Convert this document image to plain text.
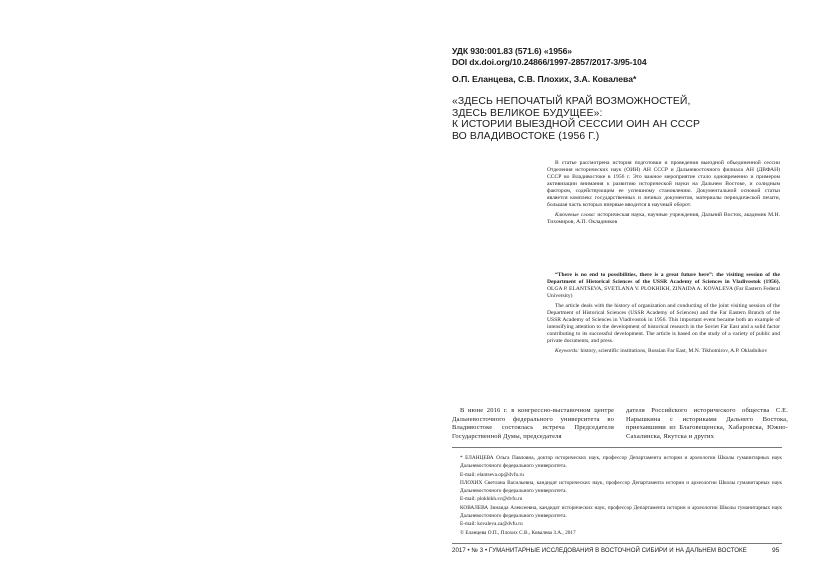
УДК 930:001.83 (571.6) «1956»
DOI dx.doi.org/10.24866/1997-2857/2017-3/95-104
О.П. Еланцева, С.В. Плохих, З.А. Ковалева*
«ЗДЕСЬ НЕПОЧАТЫЙ КРАЙ ВОЗМОЖНОСТЕЙ,
ЗДЕСЬ ВЕЛИКОЕ БУДУЩЕЕ»:
К ИСТОРИИ ВЫЕЗДНОЙ СЕССИИ ОИН АН СССР
ВО ВЛАДИВОСТОКЕ (1956 Г.)

В статье рассмотрена история подготовки и проведения выездной объединенной сессии Отделения исторических наук (ОИН) АН СССР и Дальневосточного филиала АН (ДВФАН) СССР во Владивостоке в 1956 г. Это важное мероприятие стало одновременно и примером активизации внимания к развитию исторической науки на Дальнем Востоке, и солидным фактором, содействующим ее успешному становлению. Документальной основой статьи является комплекс государственных и личных документов, материалы периодической печати, большая часть которых впервые вводится в научный оборот.

Ключевые слова: историческая наука, научные учреждения, Дальний Восток, академик М.Н. Тихомиров, А.П. Окладников

“There is no end to possibilities, there is a great future here”: the visiting session of the Department of Historical Sciences of the USSR Academy of Sciences in Vladivostok (1956). OLGA P. ELANTSEVA, SVETLANA V. PLOKHIKH, ZINAIDA A. KOVALEVA (Far Eastern Federal University)

The article deals with the history of organization and conducting of the joint visiting session of the Department of Historical Sciences (USSR Academy of Sciences) and the Far Eastern Branch of the USSR Academy of Sciences in Vladivostok in 1956. This important event became both an example of intensifying attention to the development of historical research in the Soviet Far East and a solid factor contributing to its successful development. The article is based on the study of a variety of public and private documents, and press.

Keywords: history, scientific institutions, Russian Far East, M.N. Tikhomirov, A.P. Okladnikov

В июне 2016 г. в конгрессно-выставочном центре Дальневосточного федерального университета во Владивостоке состоялась встреча Председателя Государственной Думы, председателя
дателя Российского исторического общества С.Е. Нарышкина с историками Дальнего Востока, приехавшими из Благовещенска, Хабаровска, Южно-Сахалинска, Якутска и других
* ЕЛАНЦЕВА Ольга Павловна, доктор исторических наук, профессор Департамента истории и археологии Школы гуманитарных наук Дальневосточного федерального университета.
E-mail: elantseva.op@dvfu.ru
ПЛОХИХ Светлана Васильевна, кандидат исторических наук, профессор Департамента истории и археологии Школы гуманитарных наук Дальневосточного федерального университета.
E-mail: plokhikh.sv@dvfu.ru
КОВАЛЕВА Зинаида Алексеевна, кандидат исторических наук, профессор Департамента истории и археологии Школы гуманитарных наук Дальневосточного федерального университета.
E-mail: kovaleva.za@dvfu.ru
© Еланцева О.П., Плохих С.В., Ковалева З.А., 2017
2017 • № 3 • ГУМАНИТАРНЫЕ ИССЛЕДОВАНИЯ В ВОСТОЧНОЙ СИБИРИ И НА ДАЛЬНЕМ ВОСТОКЕ	95
